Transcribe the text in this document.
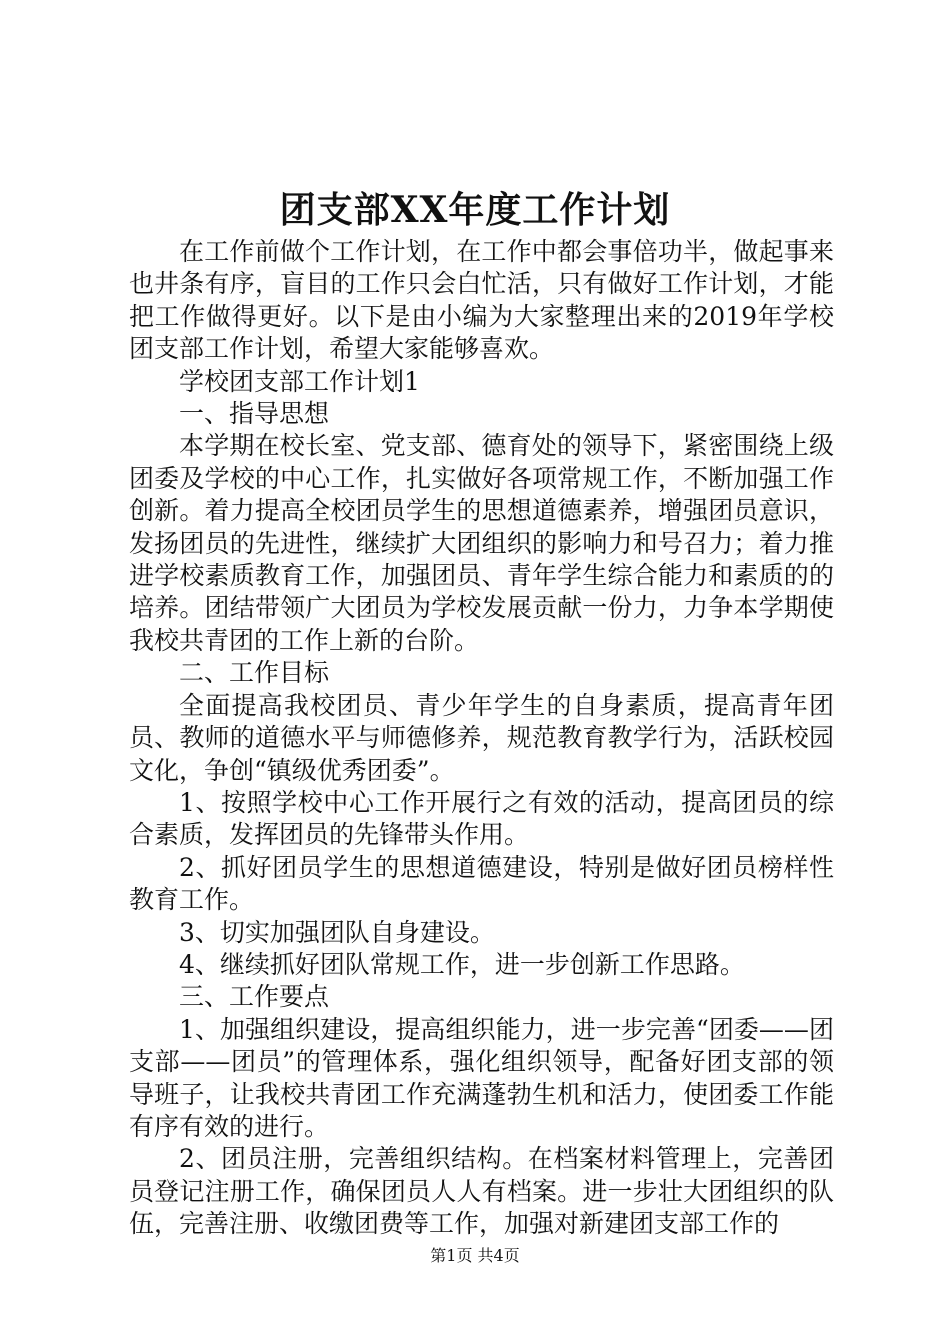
团支部XX年度工作计划

在工作前做个工作计划，在工作中都会事倍功半，做起事来也井条有序，盲目的工作只会白忙活，只有做好工作计划，才能把工作做得更好。以下是由小编为大家整理出来的2019年学校团支部工作计划，希望大家能够喜欢。

学校团支部工作计划1

一、指导思想

本学期在校长室、党支部、德育处的领导下，紧密围绕上级团委及学校的中心工作，扎实做好各项常规工作，不断加强工作创新。着力提高全校团员学生的思想道德素养，增强团员意识，发扬团员的先进性，继续扩大团组织的影响力和号召力；着力推进学校素质教育工作，加强团员、青年学生综合能力和素质的的培养。团结带领广大团员为学校发展贡献一份力，力争本学期使我校共青团的工作上新的台阶。

二、工作目标

全面提高我校团员、青少年学生的自身素质，提高青年团员、教师的道德水平与师德修养，规范教育教学行为，活跃校园文化，争创“镇级优秀团委”。

1、按照学校中心工作开展行之有效的活动，提高团员的综合素质，发挥团员的先锋带头作用。

2、抓好团员学生的思想道德建设，特别是做好团员榜样性教育工作。

3、切实加强团队自身建设。

4、继续抓好团队常规工作，进一步创新工作思路。

三、工作要点

1、加强组织建设，提高组织能力，进一步完善“团委——团支部——团员”的管理体系，强化组织领导，配备好团支部的领导班子，让我校共青团工作充满蓬勃生机和活力，使团委工作能有序有效的进行。

2、团员注册，完善组织结构。在档案材料管理上，完善团员登记注册工作，确保团员人人有档案。进一步壮大团组织的队伍，完善注册、收缴团费等工作，加强对新建团支部工作的

第1页 共4页
